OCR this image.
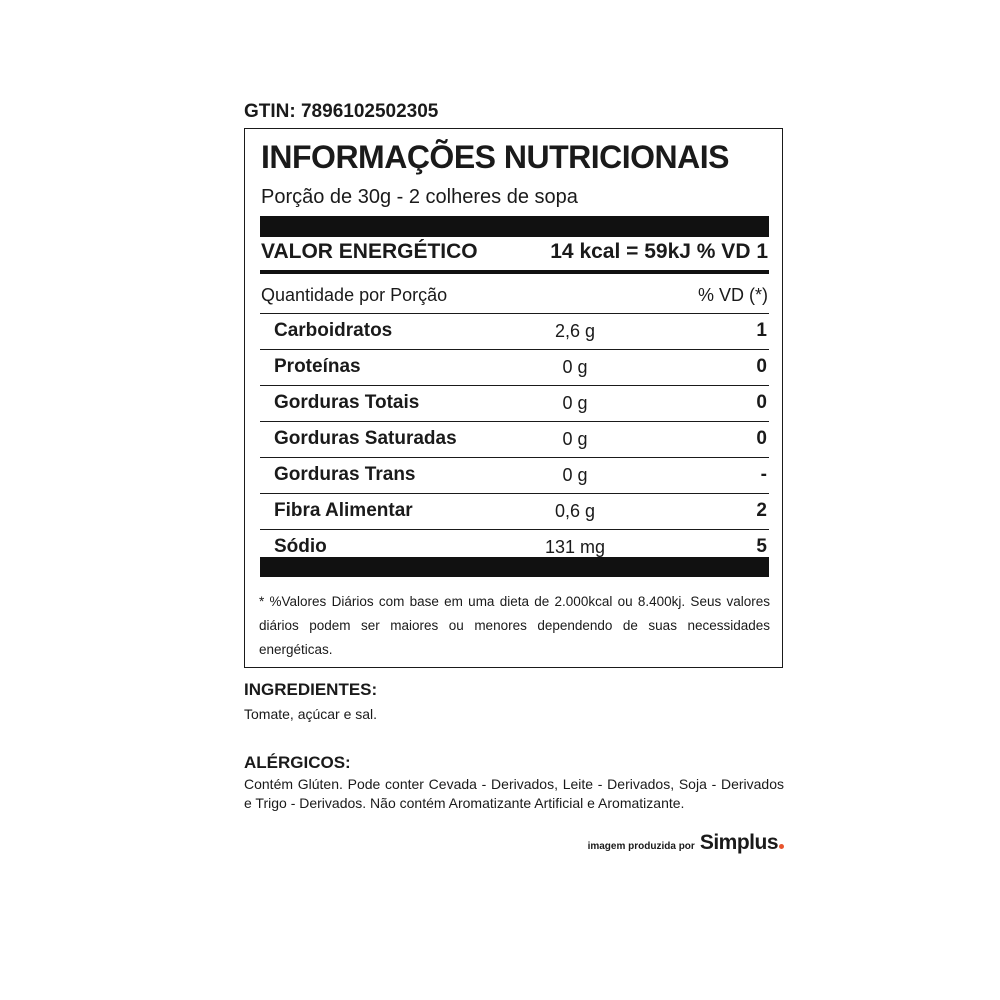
GTIN: 7896102502305
INFORMAÇÕES NUTRICIONAIS
Porção de 30g - 2 colheres de sopa
VALOR ENERGÉTICO	14 kcal = 59kJ % VD 1
Quantidade por Porção	% VD (*)
Carboidratos	2,6 g	1
Proteínas	0 g	0
Gorduras Totais	0 g	0
Gorduras Saturadas	0 g	0
Gorduras Trans	0 g	-
Fibra Alimentar	0,6 g	2
Sódio	131 mg	5
* %Valores Diários com base em uma dieta de 2.000kcal ou 8.400kj. Seus valores diários podem ser maiores ou menores dependendo de suas necessidades energéticas.
INGREDIENTES:
Tomate, açúcar e sal.
ALÉRGICOS:
Contém Glúten. Pode conter Cevada - Derivados, Leite - Derivados, Soja - Derivados e Trigo - Derivados. Não contém Aromatizante Artificial e Aromatizante.
imagem produzida por Simplus
